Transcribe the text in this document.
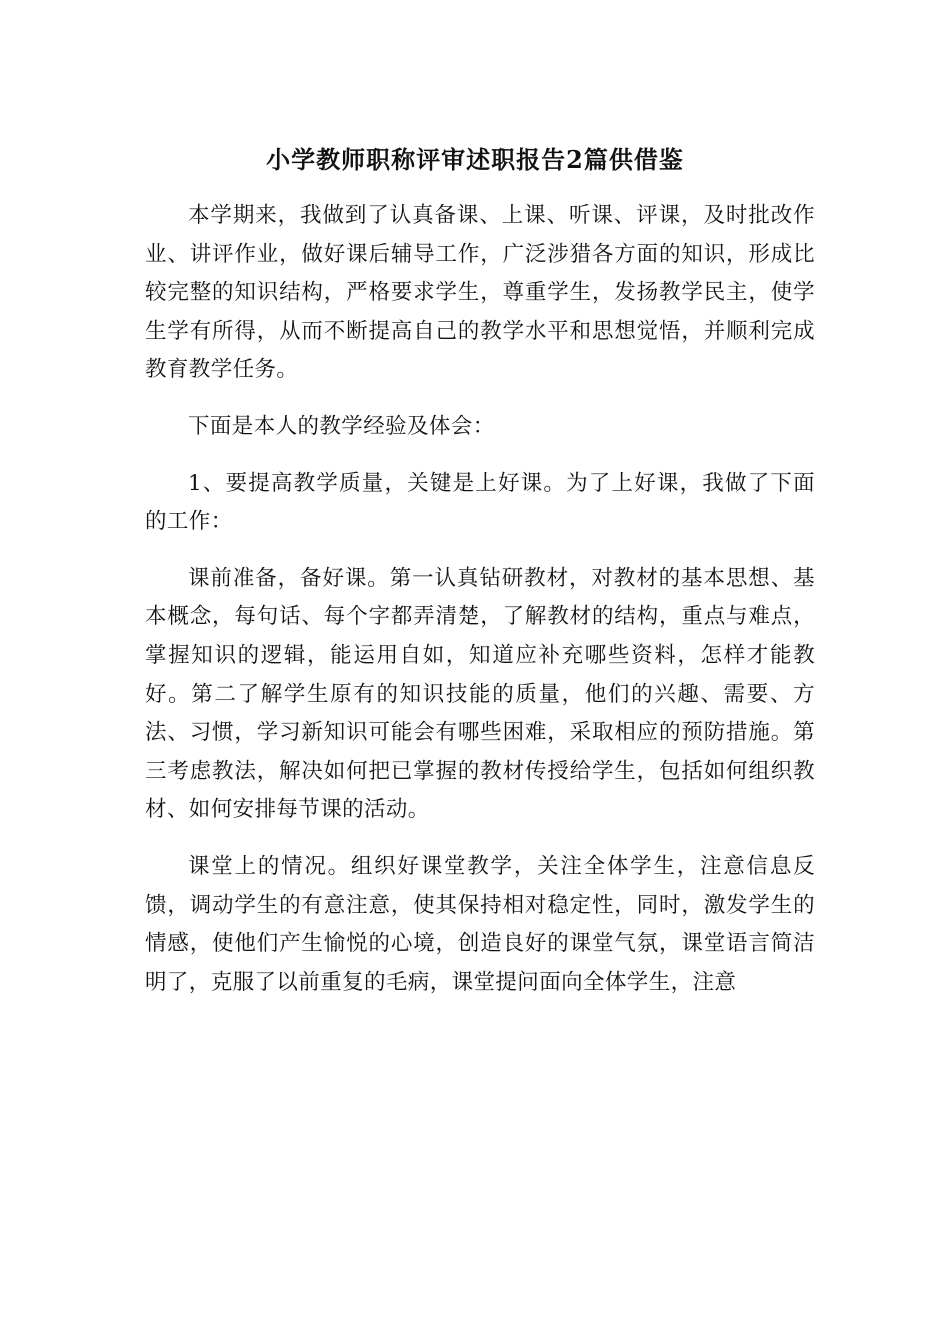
小学教师职称评审述职报告2篇供借鉴

本学期来，我做到了认真备课、上课、听课、评课，及时批改作业、讲评作业，做好课后辅导工作，广泛涉猎各方面的知识，形成比较完整的知识结构，严格要求学生，尊重学生，发扬教学民主，使学生学有所得，从而不断提高自己的教学水平和思想觉悟，并顺利完成教育教学任务。

下面是本人的教学经验及体会：

1、要提高教学质量，关键是上好课。为了上好课，我做了下面的工作：

课前准备，备好课。第一认真钻研教材，对教材的基本思想、基本概念，每句话、每个字都弄清楚，了解教材的结构，重点与难点，掌握知识的逻辑，能运用自如，知道应补充哪些资料，怎样才能教好。第二了解学生原有的知识技能的质量，他们的兴趣、需要、方法、习惯，学习新知识可能会有哪些困难，采取相应的预防措施。第三考虑教法，解决如何把已掌握的教材传授给学生，包括如何组织教材、如何安排每节课的活动。

课堂上的情况。组织好课堂教学，关注全体学生，注意信息反馈，调动学生的有意注意，使其保持相对稳定性，同时，激发学生的情感，使他们产生愉悦的心境，创造良好的课堂气氛，课堂语言简洁明了，克服了以前重复的毛病，课堂提问面向全体学生，注意
